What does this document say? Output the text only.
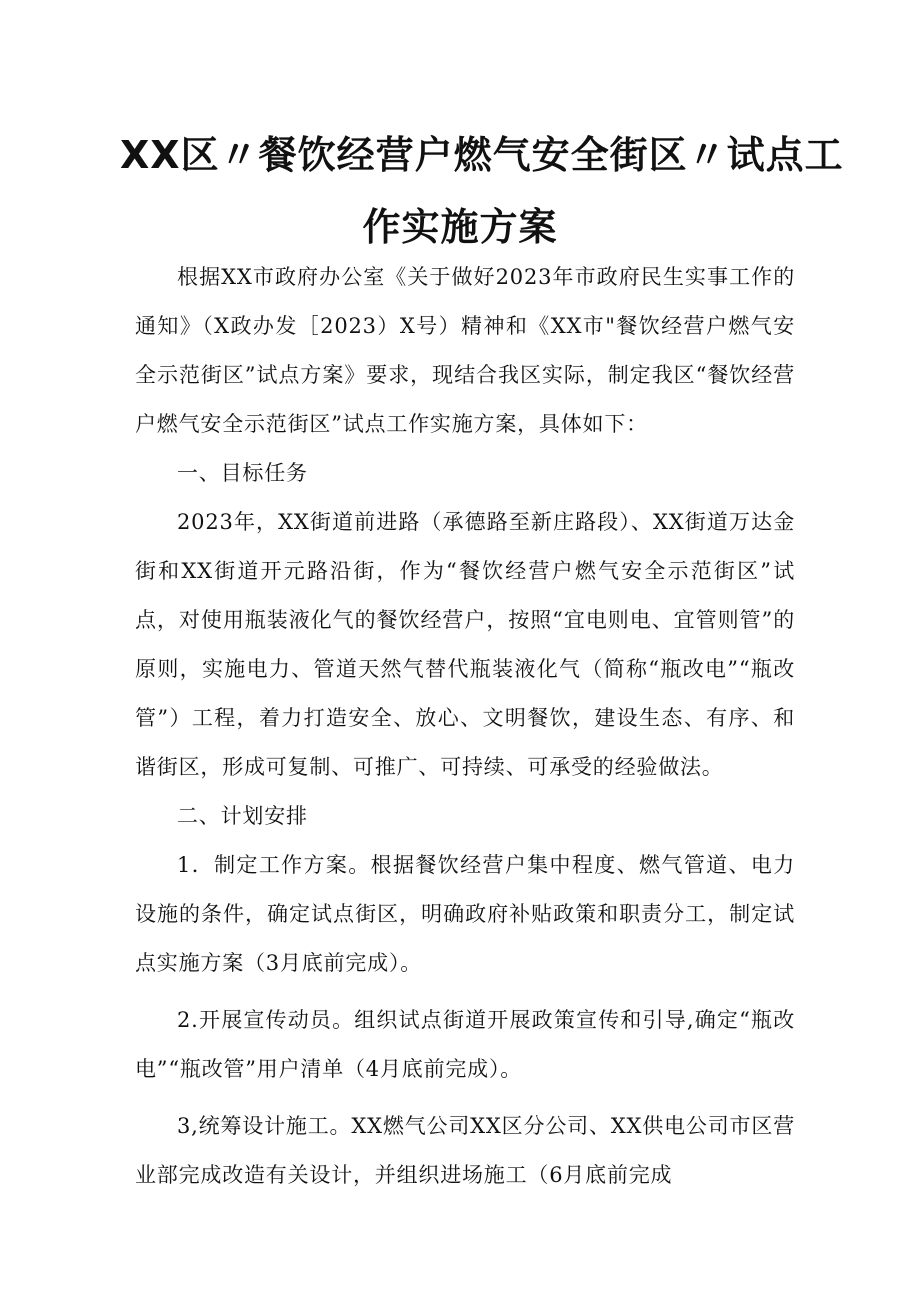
XX区〃餐饮经营户燃气安全街区〃试点工
作实施方案

根据XX市政府办公室《关于做好2023年市政府民生实事工作的通知》（X政办发［2023）X号）精神和《XX市"餐饮经营户燃气安全示范街区”试点方案》要求，现结合我区实际，制定我区“餐饮经营户燃气安全示范街区”试点工作实施方案，具体如下：

一、目标任务

2023年，XX街道前进路（承德路至新庄路段）、XX街道万达金街和XX街道开元路沿街，作为“餐饮经营户燃气安全示范街区”试点，对使用瓶装液化气的餐饮经营户，按照“宜电则电、宜管则管”的原则，实施电力、管道天然气替代瓶装液化气（简称“瓶改电”“瓶改管”）工程，着力打造安全、放心、文明餐饮，建设生态、有序、和谐街区，形成可复制、可推广、可持续、可承受的经验做法。

二、计划安排

1．制定工作方案。根据餐饮经营户集中程度、燃气管道、电力设施的条件，确定试点街区，明确政府补贴政策和职责分工，制定试点实施方案（3月底前完成）。

2.开展宣传动员。组织试点街道开展政策宣传和引导,确定“瓶改电”“瓶改管”用户清单（4月底前完成）。

3,统筹设计施工。XX燃气公司XX区分公司、XX供电公司市区营业部完成改造有关设计，并组织进场施工（6月底前完成
